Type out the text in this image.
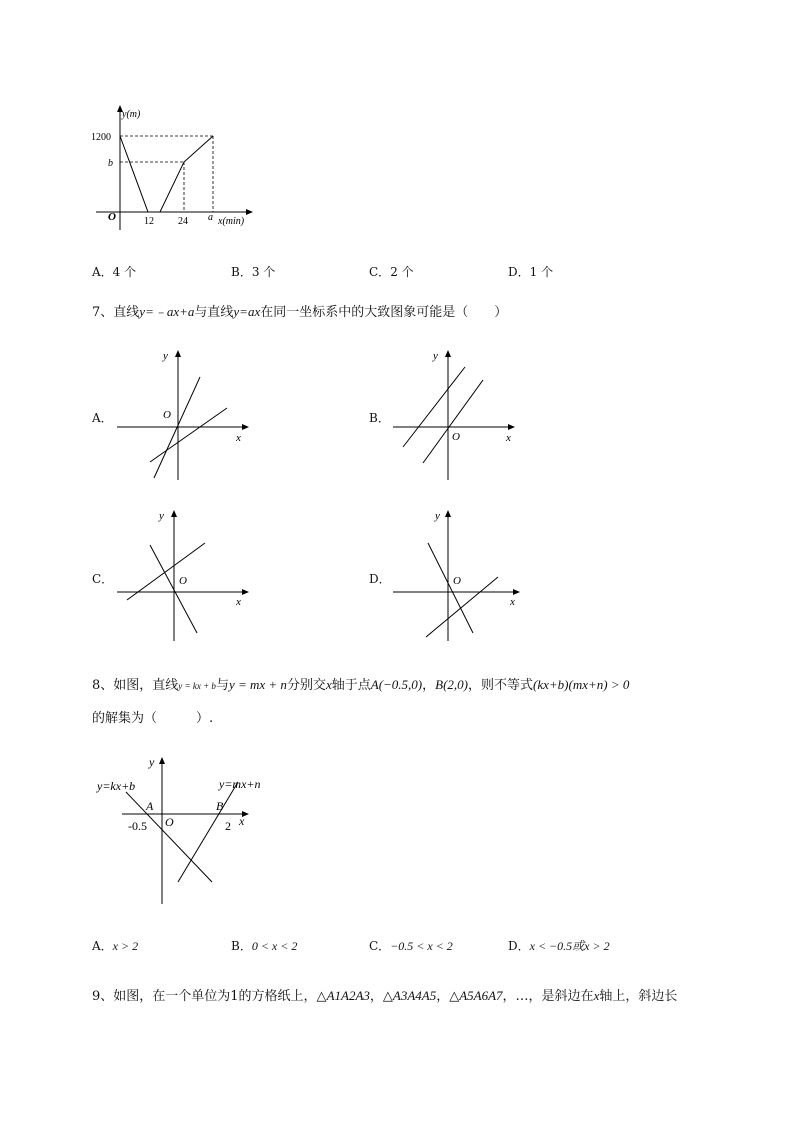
y(m)
1200
b
O	12 24 a x(min)
A．4 个	B．3 个	C．2 个	D．1 个
7、直线y=﹣ax+a与直线y=ax在同一坐标系中的大致图象可能是（　　）
A．
y
O
x
B．
y
O	x
C．
y
O
x
D．
y
O
x
8、如图，直线y = kx + b与y = mx + n分别交x轴于点A(−0.5,0)，B(2,0)，则不等式(kx+b)(mx+n) > 0
的解集为（　　　）.
y=kx+b	y=mx+n
A	B
-0.5 O	2 x
y
A．x > 2	B．0 < x < 2	C．−0.5 < x < 2	D．x < −0.5或x > 2
9、如图，在一个单位为1的方格纸上，△A1A2A3，△A3A4A5，△A5A6A7，…，是斜边在x轴上，斜边长
